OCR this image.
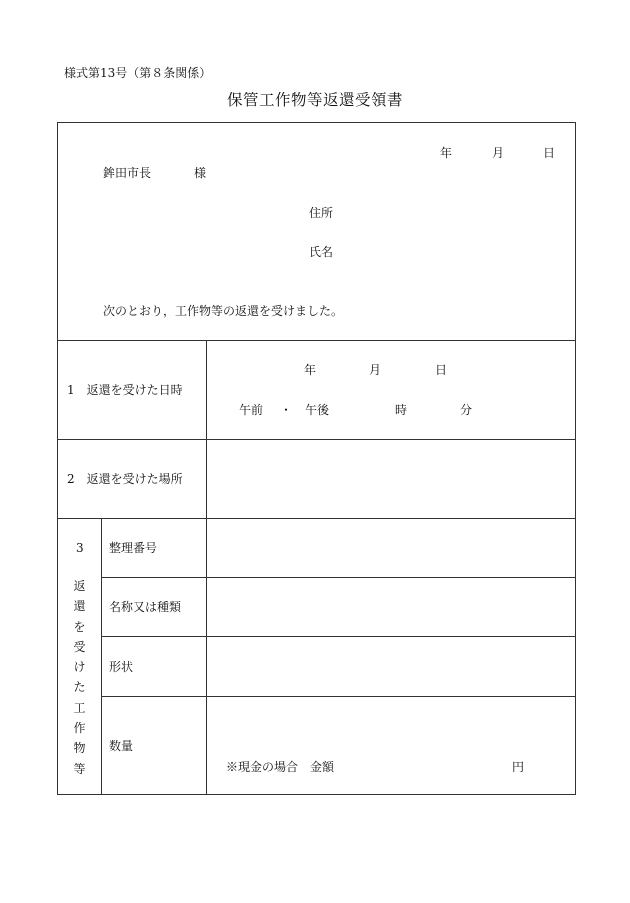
様式第13号（第８条関係）
保管工作物等返還受領書
年	月	日
鉾田市長	様
住所
氏名
次のとおり，工作物等の返還を受けました。
1　返還を受けた日時
年	月	日
午前 ・ 午後	時	分
2　返還を受けた場所
3
返
還
を
受
け
た
工
作
物
等
整理番号
名称又は種類
形状
数量
※現金の場合　金額	円
